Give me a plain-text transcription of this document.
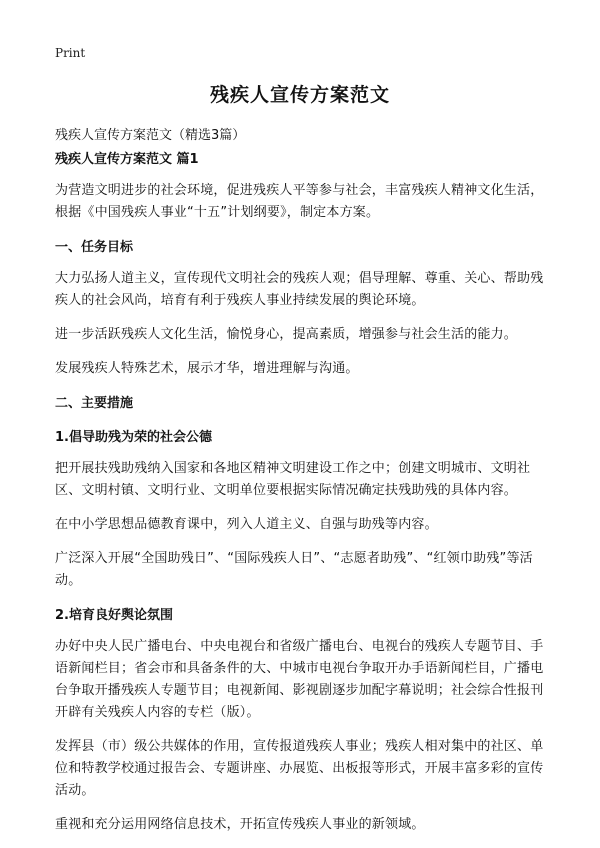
Print
残疾人宣传方案范文
残疾人宣传方案范文（精选3篇）
残疾人宣传方案范文 篇1

为营造文明进步的社会环境，促进残疾人平等参与社会，丰富残疾人精神文化生活，根据《中国残疾人事业“十五”计划纲要》，制定本方案。

一、任务目标

大力弘扬人道主义，宣传现代文明社会的残疾人观；倡导理解、尊重、关心、帮助残疾人的社会风尚，培育有利于残疾人事业持续发展的舆论环境。

进一步活跃残疾人文化生活，愉悦身心，提高素质，增强参与社会生活的能力。

发展残疾人特殊艺术，展示才华，增进理解与沟通。

二、主要措施
1.倡导助残为荣的社会公德

把开展扶残助残纳入国家和各地区精神文明建设工作之中；创建文明城市、文明社区、文明村镇、文明行业、文明单位要根据实际情况确定扶残助残的具体内容。

在中小学思想品德教育课中，列入人道主义、自强与助残等内容。

广泛深入开展“全国助残日”、“国际残疾人日”、“志愿者助残”、“红领巾助残”等活动。

2.培育良好舆论氛围

办好中央人民广播电台、中央电视台和省级广播电台、电视台的残疾人专题节目、手语新闻栏目；省会市和具备条件的大、中城市电视台争取开办手语新闻栏目，广播电台争取开播残疾人专题节目；电视新闻、影视剧逐步加配字幕说明；社会综合性报刊开辟有关残疾人内容的专栏（版）。

发挥县（市）级公共媒体的作用，宣传报道残疾人事业；残疾人相对集中的社区、单位和特教学校通过报告会、专题讲座、办展览、出板报等形式，开展丰富多彩的宣传活动。

重视和充分运用网络信息技术，开拓宣传残疾人事业的新领域。
